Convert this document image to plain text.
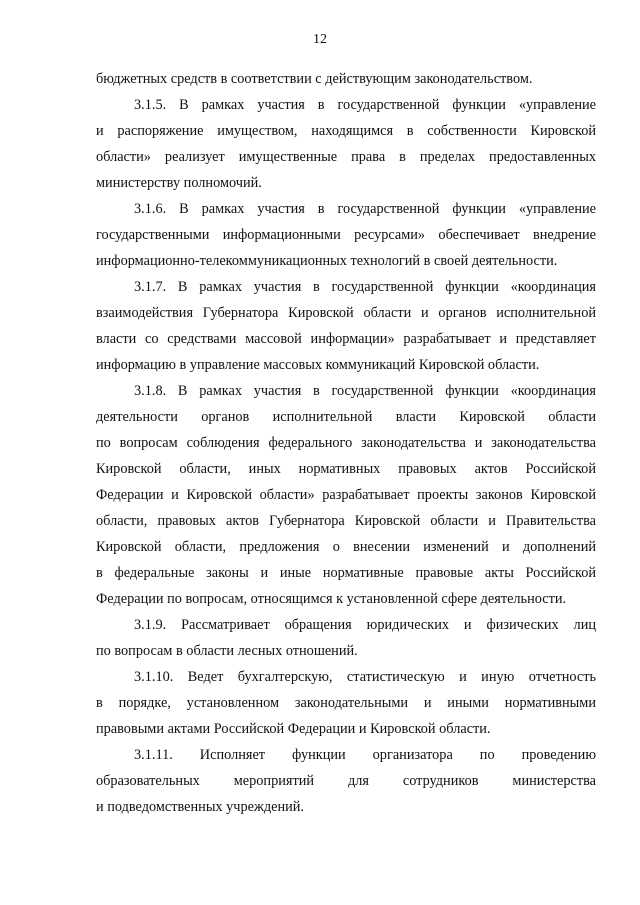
12
бюджетных средств в соответствии с действующим законодательством.
3.1.5. В рамках участия в государственной функции «управление
и распоряжение имуществом, находящимся в собственности Кировской
области» реализует имущественные права в пределах предоставленных
министерству полномочий.
3.1.6. В рамках участия в государственной функции «управление
государственными информационными ресурсами» обеспечивает внедрение
информационно-телекоммуникационных технологий в своей деятельности.
3.1.7. В рамках участия в государственной функции «координация
взаимодействия Губернатора Кировской области и органов исполнительной
власти со средствами массовой информации» разрабатывает и представляет
информацию в управление массовых коммуникаций Кировской области.
3.1.8. В рамках участия в государственной функции «координация
деятельности органов исполнительной власти Кировской области
по вопросам соблюдения федерального законодательства и законодательства
Кировской области, иных нормативных правовых актов Российской
Федерации и Кировской области» разрабатывает проекты законов Кировской
области, правовых актов Губернатора Кировской области и Правительства
Кировской области, предложения о внесении изменений и дополнений
в федеральные законы и иные нормативные правовые акты Российской
Федерации по вопросам, относящимся к установленной сфере деятельности.
3.1.9. Рассматривает обращения юридических и физических лиц
по вопросам в области лесных отношений.
3.1.10. Ведет бухгалтерскую, статистическую и иную отчетность
в порядке, установленном законодательными и иными нормативными
правовыми актами Российской Федерации и Кировской области.
3.1.11. Исполняет функции организатора по проведению
образовательных мероприятий для сотрудников министерства
и подведомственных учреждений.
